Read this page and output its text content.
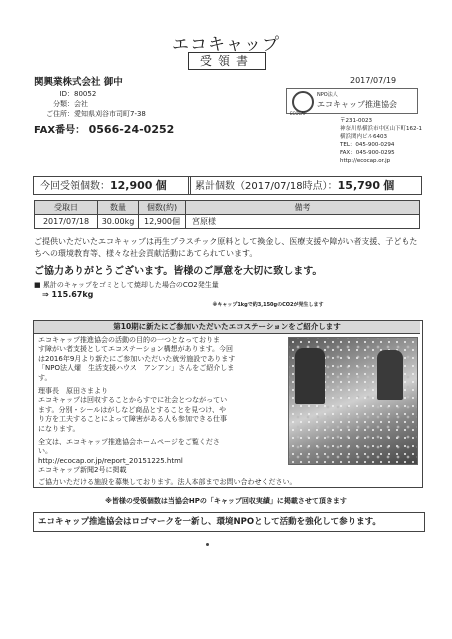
エコキャップ
受領書
2017/07/19
関興業株式会社 御中
ID： 80052
分類： 会社
ご住所： 愛知県刈谷市司町7-38
FAX番号： 0566-24-0252
ECOCAP
NPO法人
エコキャップ推進協会
〒231-0023
神奈川県横浜市中区山下町162-1
横浜関内ビル6403
TEL：045-900-0294
FAX：045-900-0295
http://ecocap.or.jp
今回受領個数：12,900 個	累計個数（2017/07/18時点）：15,790 個
受取日	数量	個数(約)	備考
2017/07/18	30.00kg	12,900個	宮原様
ご提供いただいたエコキャップは再生プラスチック原料として換金し、医療支援や障がい者支援、子どもたちへの環境教育等、様々な社会貢献活動にあてられています。
ご協力ありがとうございます。皆様のご厚意を大切に致します。
■ 累計のキャップをゴミとして焼却した場合のCO2発生量
⇒ 115.67kg
※キャップ1kgで約3,150gのCO2が発生します
第10期に新たにご参加いただいたエコステーションをご紹介します
エコキャップ推進協会の活動の目的の一つとなっておりま
す障がい者支援としてエコステーション構想があります。今回
は2016年9月より新たにご参加いただいた就労施設であります
「NPO法人燿　生活支援ハウス　アンアン」さんをご紹介しま
す。
理事長　原田さまより
エコキャップは回収することからすでに社会とつながってい
ます。分別・シールはがしなど商品とすることを見つけ、や
り方を工夫することによって障害がある人も参加できる仕事
になります。
全文は、エコキャップ推進協会ホームページをご覧くださ
い。
http://ecocap.or.jp/report_20151225.html
エコキャップ新聞2号に掲載
ご協力いただける施設を募集しております。法人本部までお問い合わせください。
※皆様の受領個数は当協会HPの「キャップ回収実績」に掲載させて頂きます
エコキャップ推進協会はロゴマークを一新し、環境NPOとして活動を強化して参ります。
